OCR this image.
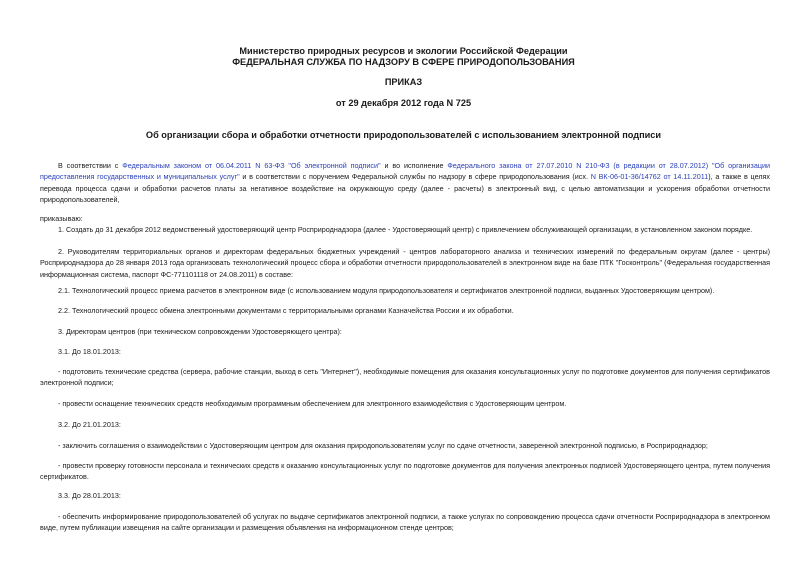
Министерство природных ресурсов и экологии Российской Федерации
ФЕДЕРАЛЬНАЯ СЛУЖБА ПО НАДЗОРУ В СФЕРЕ ПРИРОДОПОЛЬЗОВАНИЯ
ПРИКАЗ
от 29 декабря 2012 года N 725
Об организации сбора и обработки отчетности природопользователей с использованием электронной подписи
В соответствии с Федеральным законом от 06.04.2011 N 63-ФЗ "Об электронной подписи" и во исполнение Федерального закона от 27.07.2010 N 210-ФЗ (в редакции от 28.07.2012) "Об организации предоставления государственных и муниципальных услуг" и в соответствии с поручением Федеральной службы по надзору в сфере природопользования (исх. N ВК-06-01-36/14762 от 14.11.2011), а также в целях перевода процесса сдачи и обработки расчетов платы за негативное воздействие на окружающую среду (далее - расчеты) в электронный вид, с целью автоматизации и ускорения обработки отчетности природопользователей,
приказываю:
1. Создать до 31 декабря 2012 ведомственный удостоверяющий центр Росприроднадзора (далее - Удостоверяющий центр) с привлечением обслуживающей организации, в установленном законом порядке.
2. Руководителям территориальных органов и директорам федеральных бюджетных учреждений - центров лабораторного анализа и технических измерений по федеральным округам (далее - центры) Росприроднадзора до 28 января 2013 года организовать технологический процесс сбора и обработки отчетности природопользователей в электронном виде на базе ПТК "Госконтроль" (Федеральная государственная информационная система, паспорт ФС-771101118 от 24.08.2011) в составе:
2.1. Технологический процесс приема расчетов в электронном виде (с использованием модуля природопользователя и сертификатов электронной подписи, выданных Удостоверяющим центром).
2.2. Технологический процесс обмена электронными документами с территориальными органами Казначейства России и их обработки.
3. Директорам центров (при техническом сопровождении Удостоверяющего центра):
3.1. До 18.01.2013:
- подготовить технические средства (сервера, рабочие станции, выход в сеть "Интернет"), необходимые помещения для оказания консультационных услуг по подготовке документов для получения сертификатов электронной подписи;
- провести оснащение технических средств необходимым программным обеспечением для электронного взаимодействия с Удостоверяющим центром.
3.2. До 21.01.2013:
- заключить соглашения о взаимодействии с Удостоверяющим центром для оказания природопользователям услуг по сдаче отчетности, заверенной электронной подписью, в Росприроднадзор;
- провести проверку готовности персонала и технических средств к оказанию консультационных услуг по подготовке документов для получения электронных подписей Удостоверяющего центра, путем получения сертификатов.
3.3. До 28.01.2013:
- обеспечить информирование природопользователей об услугах по выдаче сертификатов электронной подписи, а также услугах по сопровождению процесса сдачи отчетности Росприроднадзора в электронном виде, путем публикации извещения на сайте организации и размещения объявления на информационном стенде центров;
